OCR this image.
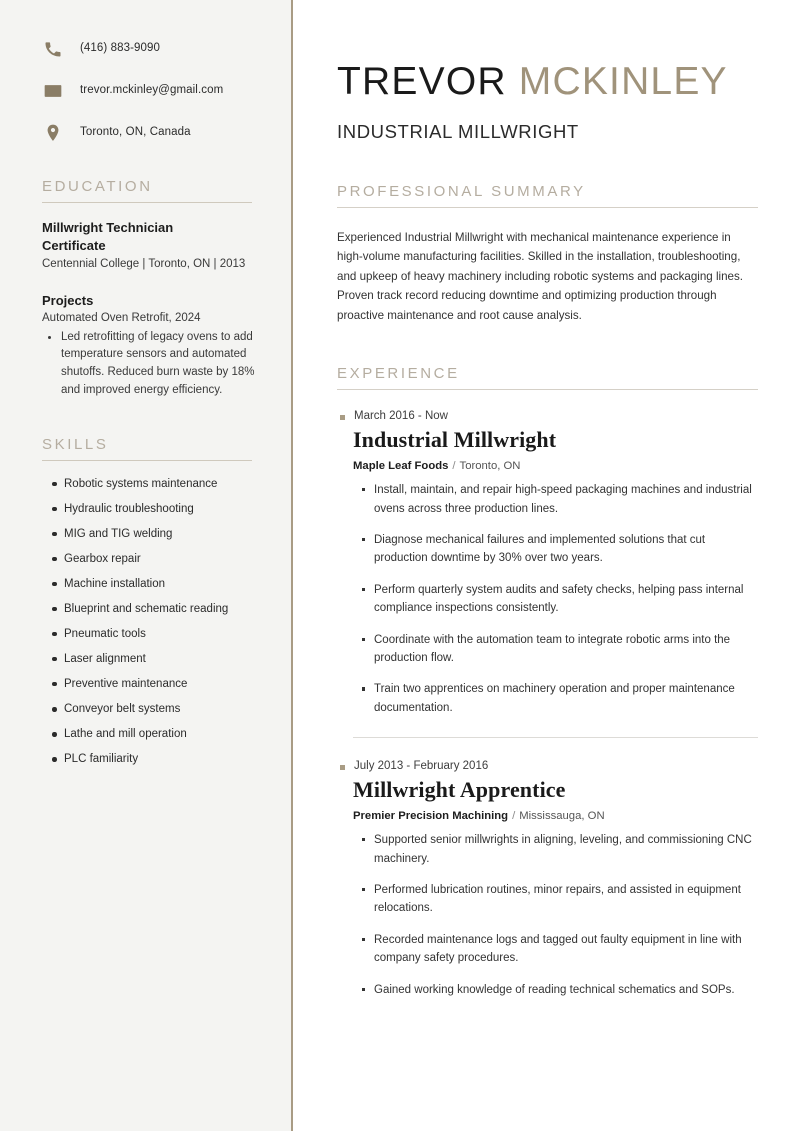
(416) 883-9090
trevor.mckinley@gmail.com
Toronto, ON, Canada
EDUCATION
Millwright Technician Certificate
Centennial College | Toronto, ON | 2013
Projects
Automated Oven Retrofit, 2024
Led retrofitting of legacy ovens to add temperature sensors and automated shutoffs. Reduced burn waste by 18% and improved energy efficiency.
SKILLS
Robotic systems maintenance
Hydraulic troubleshooting
MIG and TIG welding
Gearbox repair
Machine installation
Blueprint and schematic reading
Pneumatic tools
Laser alignment
Preventive maintenance
Conveyor belt systems
Lathe and mill operation
PLC familiarity
TREVOR MCKINLEY
INDUSTRIAL MILLWRIGHT
PROFESSIONAL SUMMARY

Experienced Industrial Millwright with mechanical maintenance experience in high-volume manufacturing facilities. Skilled in the installation, troubleshooting, and upkeep of heavy machinery including robotic systems and packaging lines. Proven track record reducing downtime and optimizing production through proactive maintenance and root cause analysis.

EXPERIENCE
March 2016 - Now
Industrial Millwright
Maple Leaf Foods / Toronto, ON
Install, maintain, and repair high-speed packaging machines and industrial ovens across three production lines.
Diagnose mechanical failures and implemented solutions that cut production downtime by 30% over two years.
Perform quarterly system audits and safety checks, helping pass internal compliance inspections consistently.
Coordinate with the automation team to integrate robotic arms into the production flow.
Train two apprentices on machinery operation and proper maintenance documentation.
July 2013 - February 2016
Millwright Apprentice
Premier Precision Machining / Mississauga, ON
Supported senior millwrights in aligning, leveling, and commissioning CNC machinery.
Performed lubrication routines, minor repairs, and assisted in equipment relocations.
Recorded maintenance logs and tagged out faulty equipment in line with company safety procedures.
Gained working knowledge of reading technical schematics and SOPs.
